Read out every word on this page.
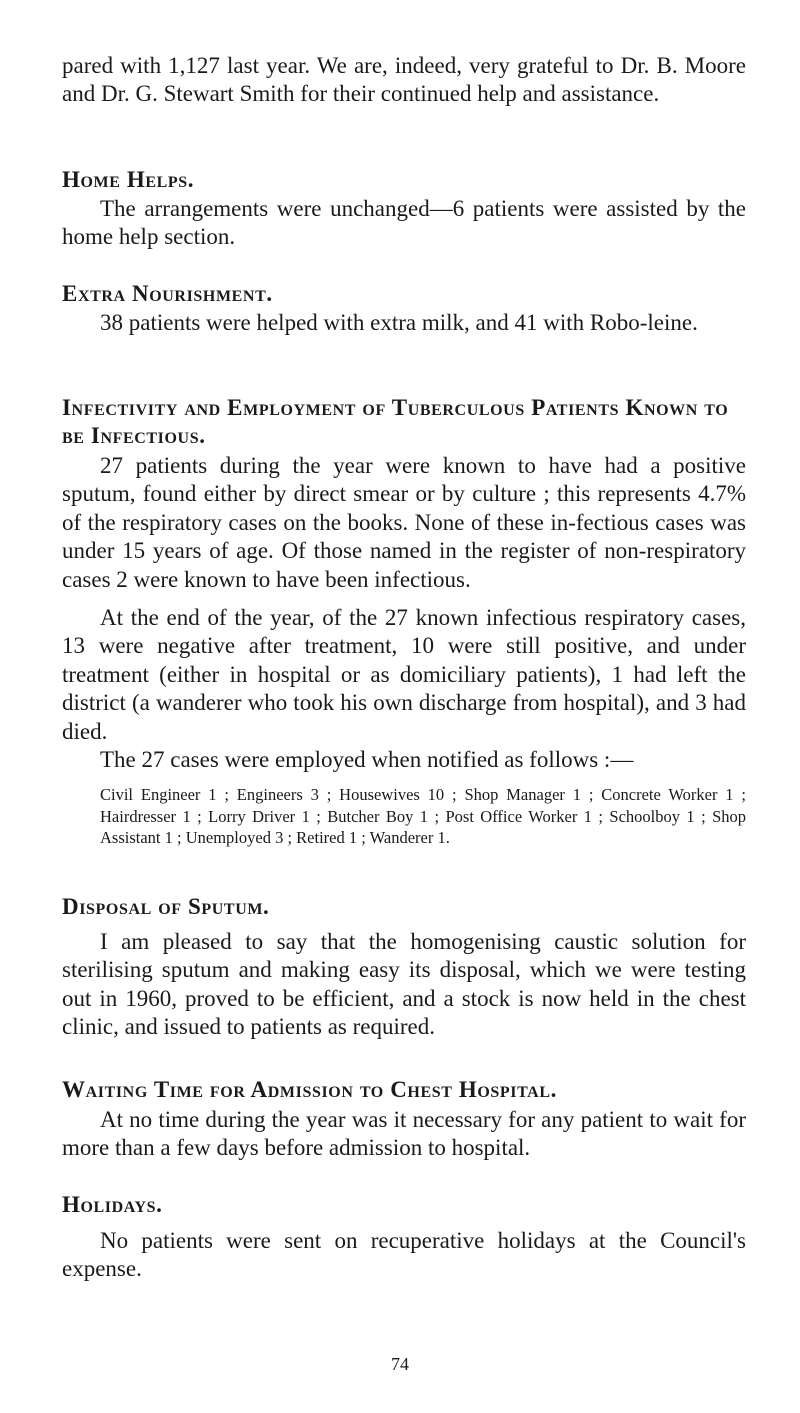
pared with 1,127 last year. We are, indeed, very grateful to Dr. B. Moore and Dr. G. Stewart Smith for their continued help and assistance.

Home Helps.

The arrangements were unchanged—6 patients were assisted by the home help section.

Extra Nourishment.

38 patients were helped with extra milk, and 41 with Robo-leine.

Infectivity and Employment of Tuberculous Patients Known to be Infectious.

27 patients during the year were known to have had a positive sputum, found either by direct smear or by culture ; this represents 4.7% of the respiratory cases on the books. None of these in-fectious cases was under 15 years of age. Of those named in the register of non-respiratory cases 2 were known to have been infectious.

At the end of the year, of the 27 known infectious respiratory cases, 13 were negative after treatment, 10 were still positive, and under treatment (either in hospital or as domiciliary patients), 1 had left the district (a wanderer who took his own discharge from hospital), and 3 had died.

The 27 cases were employed when notified as follows :—

Civil Engineer 1 ; Engineers 3 ; Housewives 10 ; Shop Manager 1 ; Concrete Worker 1 ; Hairdresser 1 ; Lorry Driver 1 ; Butcher Boy 1 ; Post Office Worker 1 ; Schoolboy 1 ; Shop Assistant 1 ; Unemployed 3 ; Retired 1 ; Wanderer 1.

Disposal of Sputum.

I am pleased to say that the homogenising caustic solution for sterilising sputum and making easy its disposal, which we were testing out in 1960, proved to be efficient, and a stock is now held in the chest clinic, and issued to patients as required.

Waiting Time for Admission to Chest Hospital.

At no time during the year was it necessary for any patient to wait for more than a few days before admission to hospital.

Holidays.

No patients were sent on recuperative holidays at the Council's expense.

74
